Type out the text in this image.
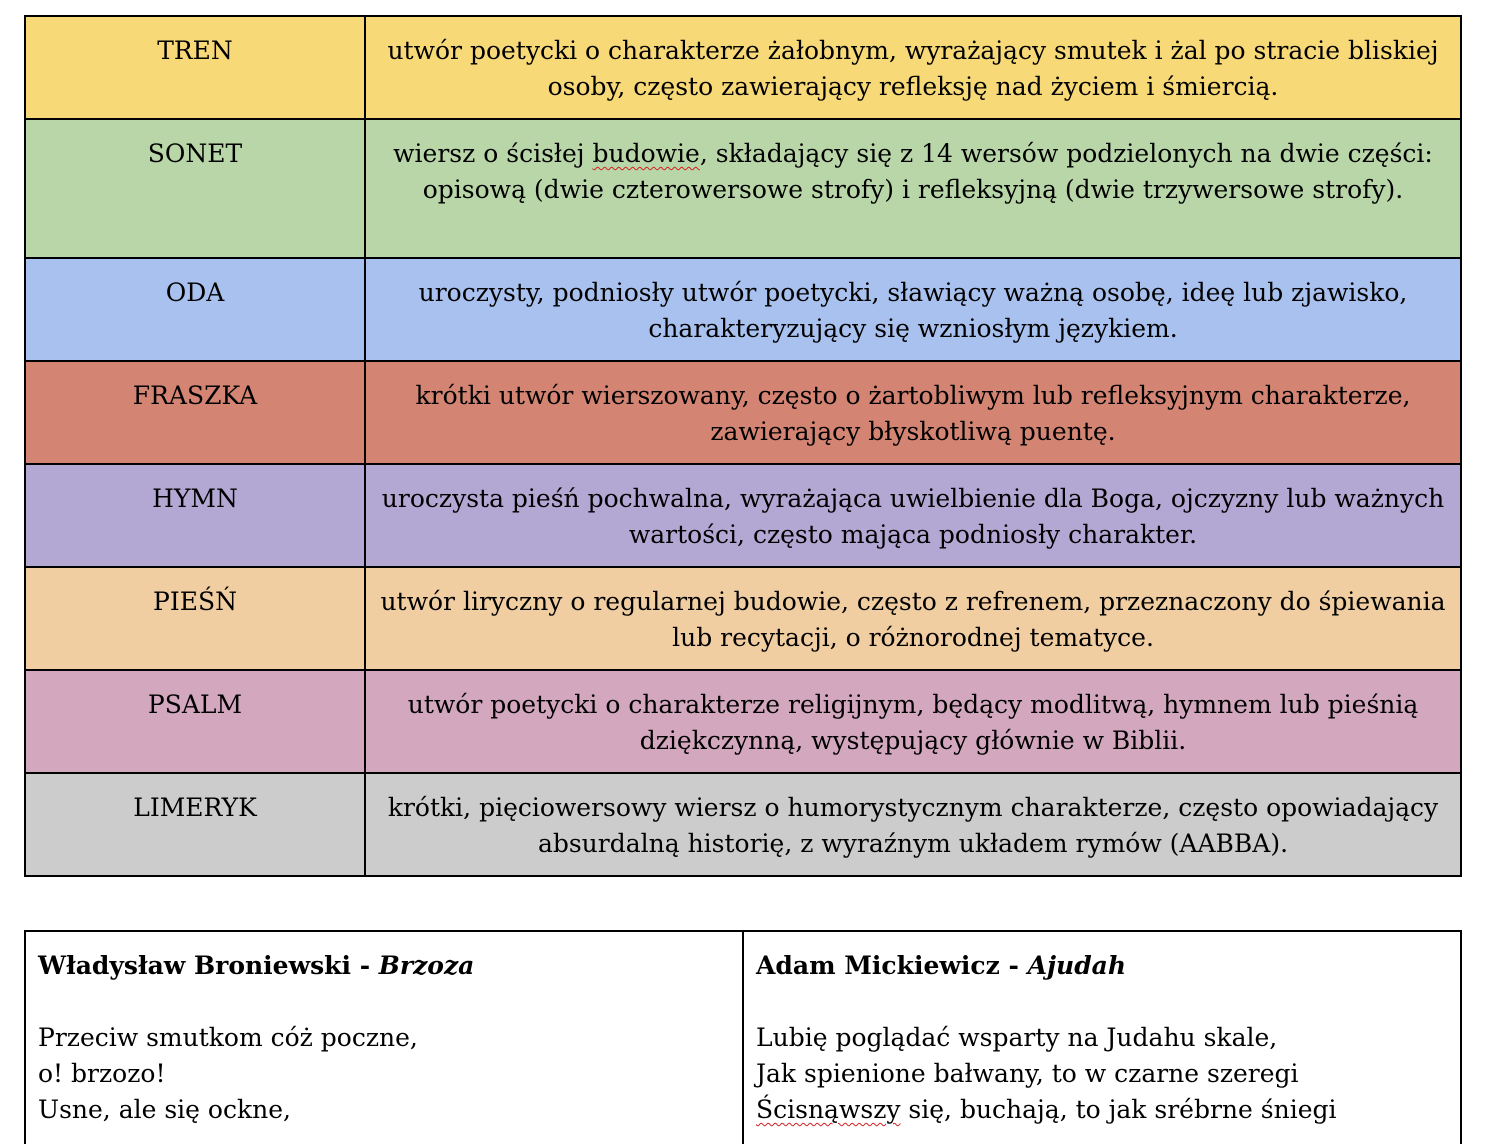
TREN	utwór poetycki o charakterze żałobnym, wyrażający smutek i żal po stracie bliskiej osoby, często zawierający refleksję nad życiem i śmiercią.
SONET	wiersz o ścisłej budowie, składający się z 14 wersów podzielonych na dwie części: opisową (dwie czterowersowe strofy) i refleksyjną (dwie trzywersowe strofy).
ODA	uroczysty, podniosły utwór poetycki, sławiący ważną osobę, ideę lub zjawisko, charakteryzujący się wzniosłym językiem.
FRASZKA	krótki utwór wierszowany, często o żartobliwym lub refleksyjnym charakterze, zawierający błyskotliwą puentę.
HYMN	uroczysta pieśń pochwalna, wyrażająca uwielbienie dla Boga, ojczyzny lub ważnych wartości, często mająca podniosły charakter.
PIEŚŃ	utwór liryczny o regularnej budowie, często z refrenem, przeznaczony do śpiewania lub recytacji, o różnorodnej tematyce.
PSALM	utwór poetycki o charakterze religijnym, będący modlitwą, hymnem lub pieśnią dziękczynną, występujący głównie w Biblii.
LIMERYK	krótki, pięciowersowy wiersz o humorystycznym charakterze, często opowiadający absurdalną historię, z wyraźnym układem rymów (AABBA).
Władysław Broniewski - Brzoza
Przeciw smutkom cóż poczne,
o! brzozo!
Usne, ale się ockne,

Adam Mickiewicz - Ajudah
Lubię poglądać wsparty na Judahu skale,
Jak spienione bałwany, to w czarne szeregi
Ścisnąwszy się, buchają, to jak srébrne śniegi
